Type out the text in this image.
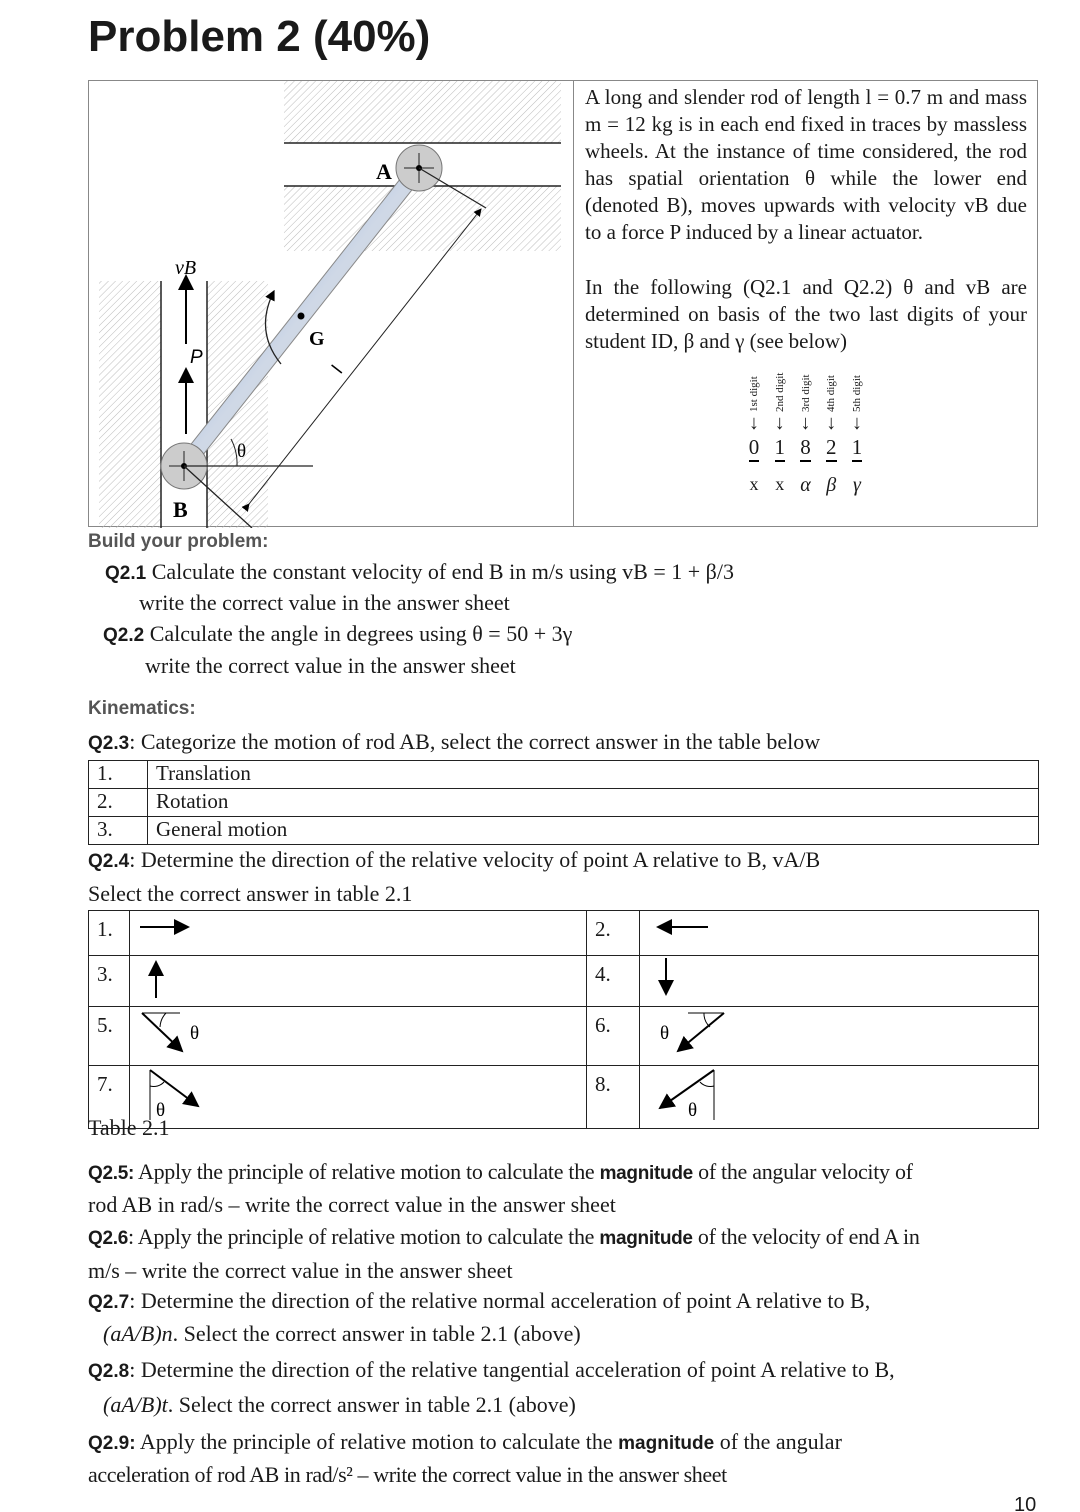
Problem 2 (40%)
A
B
G
vB
P
θ
l
A long and slender rod of length l = 0.7 m and mass m = 12 kg is in each end fixed in traces by massless wheels. At the instance of time considered, the rod has spatial orientation θ while the lower end (denoted B), moves upwards with velocity vB due to a force P induced by a linear actuator.
In the following (Q2.1 and Q2.2) θ and vB are determined on basis of the two last digits of your student ID, β and γ (see below)
1st digit
↓
0
x
2nd digit
↓
1
x
3rd digit
↓
8
α
4th digit
↓
2
β
5th digit
↓
1
γ
Build your problem:
Q2.1 Calculate the constant velocity of end B in m/s using vB = 1 + β/3
write the correct value in the answer sheet
Q2.2 Calculate the angle in degrees using θ = 50 + 3γ
write the correct value in the answer sheet
Kinematics:
Q2.3: Categorize the motion of rod AB, select the correct answer in the table below
1.	Translation
2.	Rotation
3.	General motion
Q2.4: Determine the direction of the relative velocity of point A relative to B, vA/B
Select the correct answer in table 2.1
1.		2.	
3.		4.	
5.	θ	6.	θ

7.	θ	8.	θ
Table 2.1
Q2.5: Apply the principle of relative motion to calculate the magnitude of the angular velocity of
rod AB in rad/s – write the correct value in the answer sheet
Q2.6: Apply the principle of relative motion to calculate the magnitude of the velocity of end A in
m/s – write the correct value in the answer sheet
Q2.7: Determine the direction of the relative normal acceleration of point A relative to B,
(aA/B)n. Select the correct answer in table 2.1 (above)
Q2.8: Determine the direction of the relative tangential acceleration of point A relative to B,
(aA/B)t. Select the correct answer in table 2.1 (above)
Q2.9: Apply the principle of relative motion to calculate the magnitude of the angular
acceleration of rod AB in rad/s² – write the correct value in the answer sheet
10
